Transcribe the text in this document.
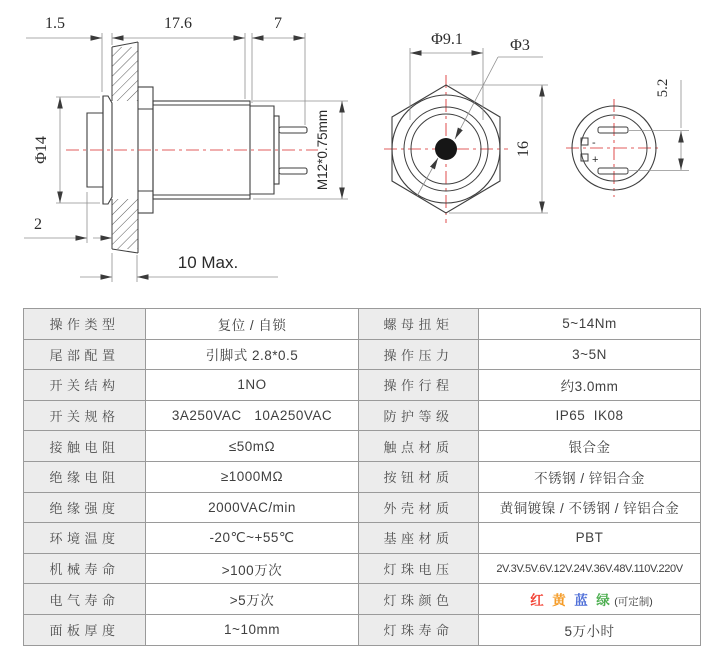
1.5	17.6	7
Φ14
2
10 Max.
M12*0.75mm
Φ9.1	Φ3
16	-
+
5.2
操作类型	复位 / 自锁	螺母扭矩	5~14Nm
尾部配置	引脚式 2.8*0.5	操作压力	3~5N
开关结构	1NO	操作行程	约3.0mm
开关规格	3A250VAC   10A250VAC	防护等级	IP65  IK08
接触电阻	≤50mΩ	触点材质	银合金
绝缘电阻	≥1000MΩ	按钮材质	不锈钢 / 锌铝合金
绝缘强度	2000VAC/min	外壳材质	黄铜镀镍 / 不锈钢 / 锌铝合金
环境温度	-20℃~+55℃	基座材质	PBT
机械寿命	>100万次	灯珠电压	2V.3V.5V.6V.12V.24V.36V.48V.110V.220V
电气寿命	>5万次	灯珠颜色	红 黄 蓝 绿 (可定制)
面板厚度	1~10mm	灯珠寿命	5万小时
